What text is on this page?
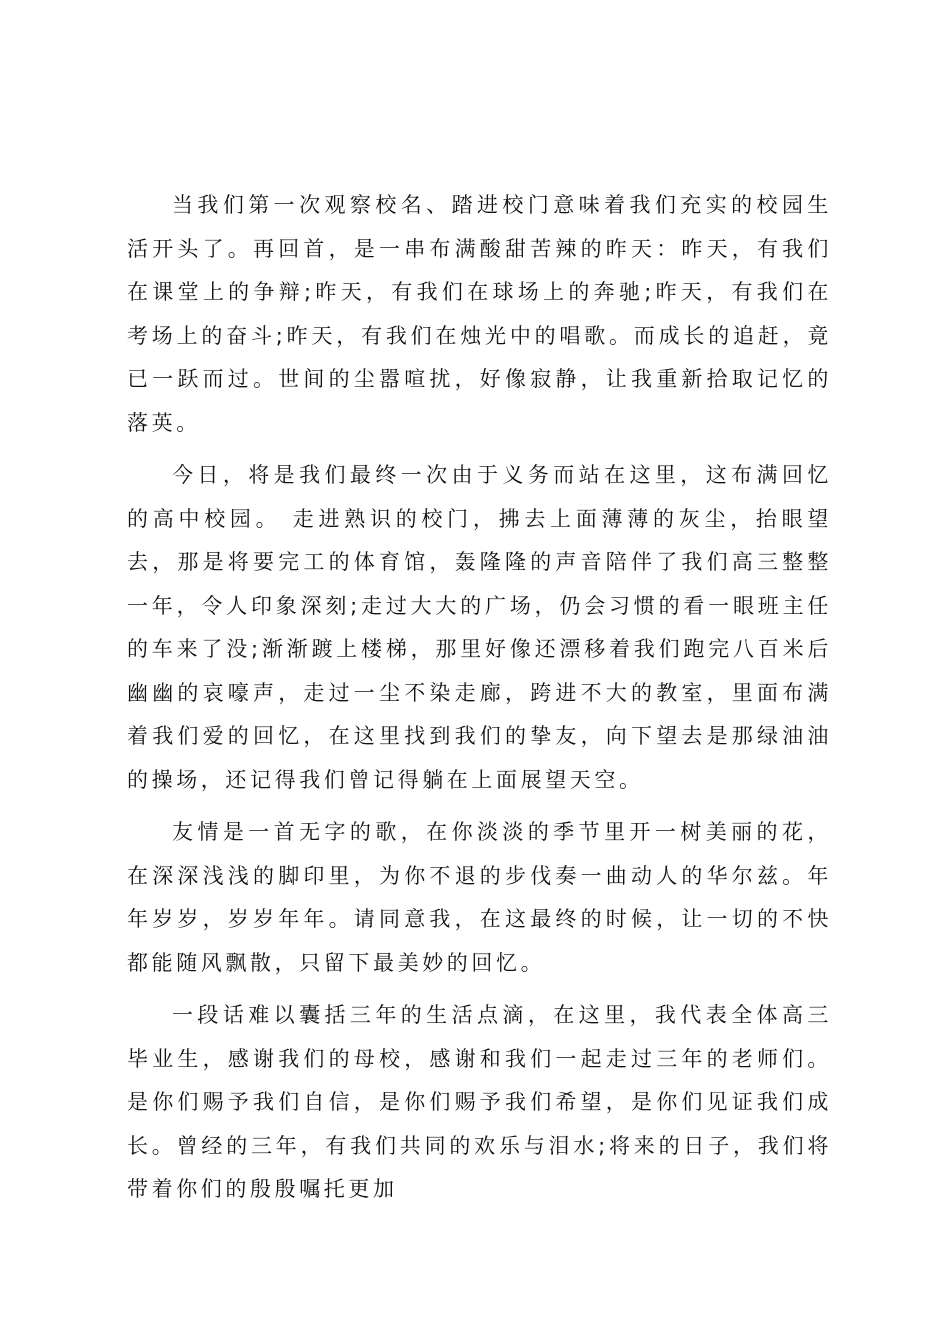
当我们第一次观察校名、踏进校门意味着我们充实的校园生活开头了。再回首，是一串布满酸甜苦辣的昨天：昨天，有我们在课堂上的争辩;昨天，有我们在球场上的奔驰;昨天，有我们在考场上的奋斗;昨天，有我们在烛光中的唱歌。而成长的追赶，竟已一跃而过。世间的尘嚣喧扰，好像寂静，让我重新拾取记忆的落英。

今日，将是我们最终一次由于义务而站在这里，这布满回忆的高中校园。 走进熟识的校门，拂去上面薄薄的灰尘，抬眼望去，那是将要完工的体育馆，轰隆隆的声音陪伴了我们高三整整一年，令人印象深刻;走过大大的广场，仍会习惯的看一眼班主任的车来了没;渐渐踱上楼梯，那里好像还漂移着我们跑完八百米后幽幽的哀嚎声，走过一尘不染走廊，跨进不大的教室，里面布满着我们爱的回忆，在这里找到我们的挚友，向下望去是那绿油油的操场，还记得我们曾记得躺在上面展望天空。

友情是一首无字的歌，在你淡淡的季节里开一树美丽的花，在深深浅浅的脚印里，为你不退的步伐奏一曲动人的华尔兹。年年岁岁，岁岁年年。请同意我，在这最终的时候，让一切的不快都能随风飘散，只留下最美妙的回忆。

一段话难以囊括三年的生活点滴，在这里，我代表全体高三毕业生，感谢我们的母校，感谢和我们一起走过三年的老师们。是你们赐予我们自信，是你们赐予我们希望，是你们见证我们成长。曾经的三年，有我们共同的欢乐与泪水;将来的日子，我们将带着你们的殷殷嘱托更加
